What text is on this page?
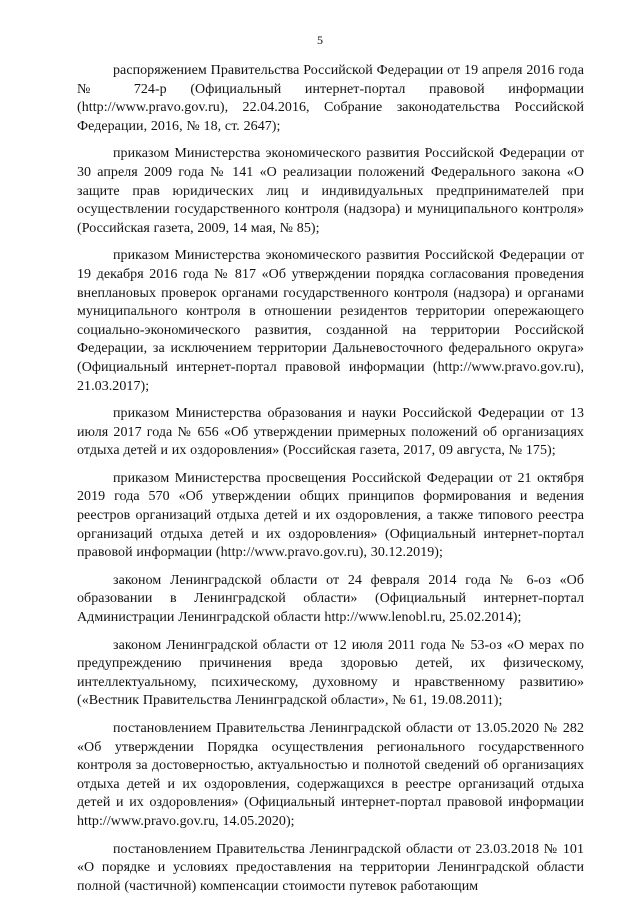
5

распоряжением Правительства Российской Федерации от 19 апреля 2016 года № 724-р (Официальный интернет-портал правовой информации (http://www.pravo.gov.ru), 22.04.2016, Собрание законодательства Российской Федерации, 2016, № 18, ст. 2647);

приказом Министерства экономического развития Российской Федерации от 30 апреля 2009 года № 141 «О реализации положений Федерального закона «О защите прав юридических лиц и индивидуальных предпринимателей при осуществлении государственного контроля (надзора) и муниципального контроля» (Российская газета, 2009, 14 мая, № 85);

приказом Министерства экономического развития Российской Федерации от 19 декабря 2016 года № 817 «Об утверждении порядка согласования проведения внеплановых проверок органами государственного контроля (надзора) и органами муниципального контроля в отношении резидентов территории опережающего социально-экономического развития, созданной на территории Российской Федерации, за исключением территории Дальневосточного федерального округа» (Официальный интернет-портал правовой информации (http://www.pravo.gov.ru), 21.03.2017);

приказом Министерства образования и науки Российской Федерации от 13 июля 2017 года № 656 «Об утверждении примерных положений об организациях отдыха детей и их оздоровления» (Российская газета, 2017, 09 августа, № 175);

приказом Министерства просвещения Российской Федерации от 21 октября 2019 года 570 «Об утверждении общих принципов формирования и ведения реестров организаций отдыха детей и их оздоровления, а также типового реестра организаций отдыха детей и их оздоровления» (Официальный интернет-портал правовой информации (http://www.pravo.gov.ru), 30.12.2019);

законом Ленинградской области от 24 февраля 2014 года № 6-оз «Об образовании в Ленинградской области» (Официальный интернет-портал Администрации Ленинградской области http://www.lenobl.ru, 25.02.2014);

законом Ленинградской области от 12 июля 2011 года № 53-оз «О мерах по предупреждению причинения вреда здоровью детей, их физическому, интеллектуальному, психическому, духовному и нравственному развитию» («Вестник Правительства Ленинградской области», № 61, 19.08.2011);

постановлением Правительства Ленинградской области от 13.05.2020 № 282 «Об утверждении Порядка осуществления регионального государственного контроля за достоверностью, актуальностью и полнотой сведений об организациях отдыха детей и их оздоровления, содержащихся в реестре организаций отдыха детей и их оздоровления» (Официальный интернет-портал правовой информации http://www.pravo.gov.ru, 14.05.2020);

постановлением Правительства Ленинградской области от 23.03.2018 № 101 «О порядке и условиях предоставления на территории Ленинградской области полной (частичной) компенсации стоимости путевок работающим
